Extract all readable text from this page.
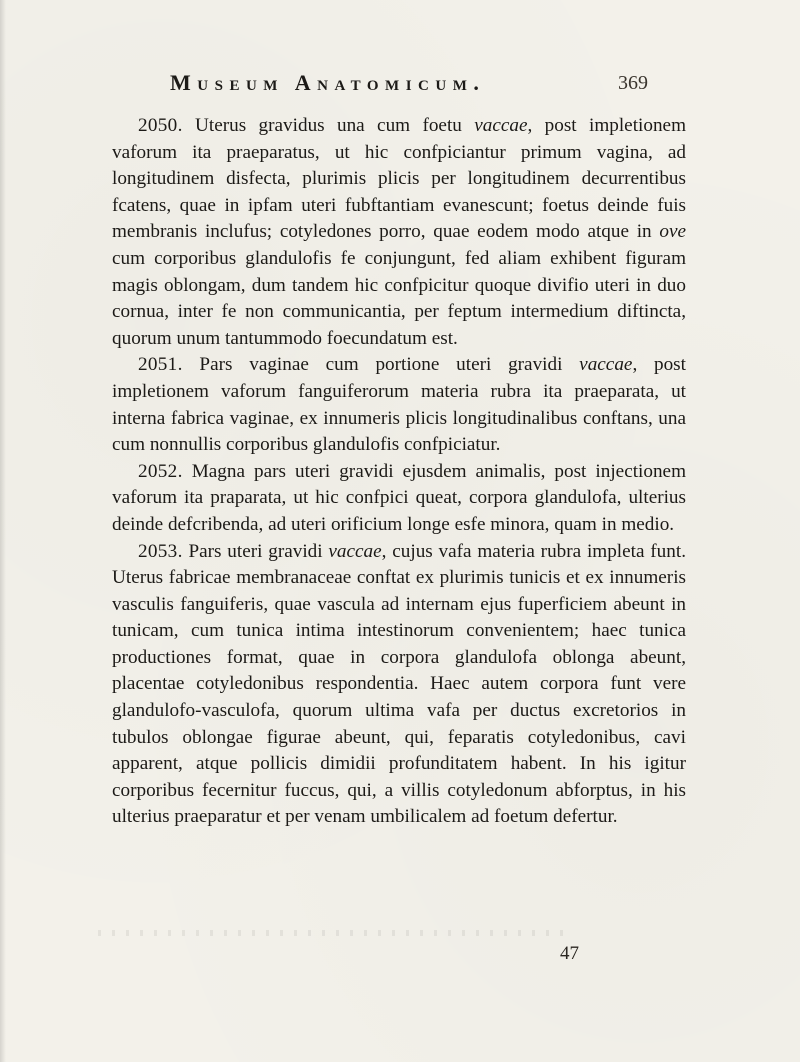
Museum Anatomicum.	369

2050. Uterus gravidus una cum foetu vaccae, post impletionem vaforum ita praeparatus, ut hic confpiciantur primum vagina, ad longitudinem disfecta, plurimis plicis per longitudinem decurrentibus fcatens, quae in ipfam uteri fubftantiam evanescunt; foetus deinde fuis membranis inclufus; cotyledones porro, quae eodem modo atque in ove cum corporibus glandulofis fe conjungunt, fed aliam exhibent figuram magis oblongam, dum tandem hic confpicitur quoque divifio uteri in duo cornua, inter fe non communicantia, per feptum intermedium diftincta, quorum unum tantummodo foecundatum est.

2051. Pars vaginae cum portione uteri gravidi vaccae, post impletionem vaforum fanguiferorum materia rubra ita praeparata, ut interna fabrica vaginae, ex innumeris plicis longitudinalibus conftans, una cum nonnullis corporibus glandulofis confpiciatur.

2052. Magna pars uteri gravidi ejusdem animalis, post injectionem vaforum ita praparata, ut hic confpici queat, corpora glandulofa, ulterius deinde defcribenda, ad uteri orificium longe esfe minora, quam in medio.

2053. Pars uteri gravidi vaccae, cujus vafa materia rubra impleta funt. Uterus fabricae membranaceae conftat ex plurimis tunicis et ex innumeris vasculis fanguiferis, quae vascula ad internam ejus fuperficiem abeunt in tunicam, cum tunica intima intestinorum convenientem; haec tunica productiones format, quae in corpora glandulofa oblonga abeunt, placentae cotyledonibus respondentia. Haec autem corpora funt vere glandulofo-vasculofa, quorum ultima vafa per ductus excretorios in tubulos oblongae figurae abeunt, qui, feparatis cotyledonibus, cavi apparent, atque pollicis dimidii profunditatem habent. In his igitur corporibus fecernitur fuccus, qui, a villis cotyledonum abforptus, in his ulterius praeparatur et per venam umbilicalem ad foetum defertur.

47
